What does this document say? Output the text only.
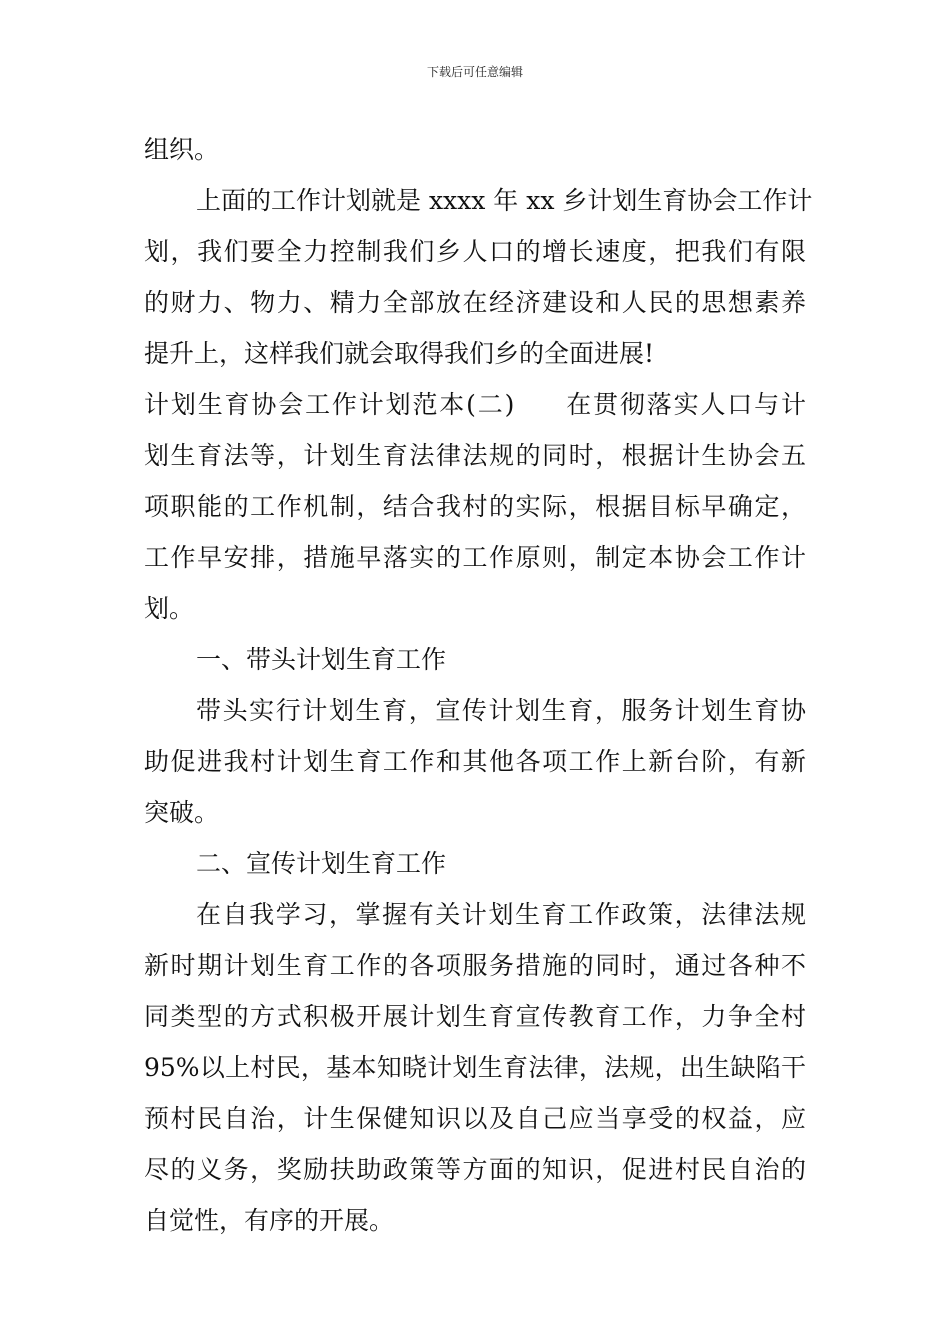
下载后可任意编辑
组织。
上面的工作计划就是 xxxx 年 xx 乡计划生育协会工作计
划，我们要全力控制我们乡人口的增长速度，把我们有限
的财力、物力、精力全部放在经济建设和人民的思想素养
提升上，这样我们就会取得我们乡的全面进展!
计划生育协会工作计划范本(二) 在贯彻落实人口与计
划生育法等，计划生育法律法规的同时，根据计生协会五
项职能的工作机制，结合我村的实际，根据目标早确定，
工作早安排，措施早落实的工作原则，制定本协会工作计
划。
一、带头计划生育工作
带头实行计划生育，宣传计划生育，服务计划生育协
助促进我村计划生育工作和其他各项工作上新台阶，有新
突破。
二、宣传计划生育工作
在自我学习，掌握有关计划生育工作政策，法律法规
新时期计划生育工作的各项服务措施的同时，通过各种不
同类型的方式积极开展计划生育宣传教育工作，力争全村
95%以上村民，基本知晓计划生育法律，法规，出生缺陷干
预村民自治，计生保健知识以及自己应当享受的权益，应
尽的义务，奖励扶助政策等方面的知识，促进村民自治的
自觉性，有序的开展。
